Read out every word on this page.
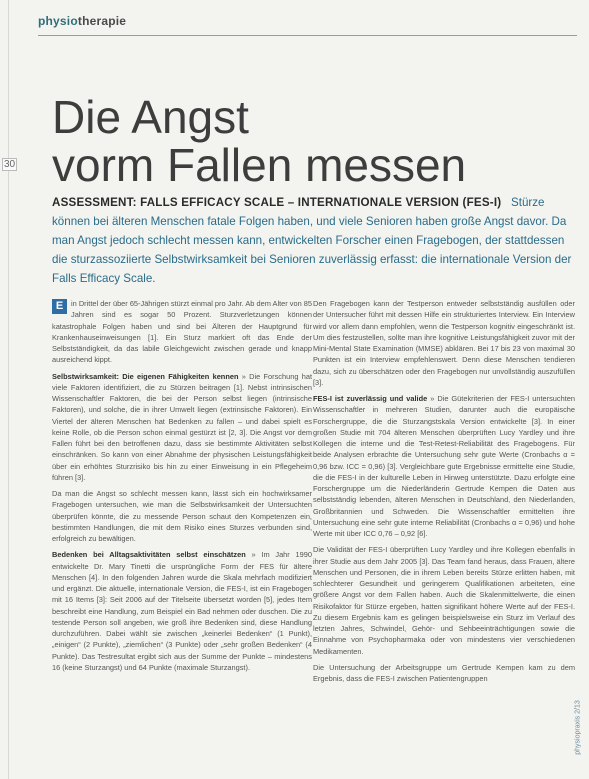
physiotherapie
30
Die Angst
vorm Fallen messen
ASSESSMENT: FALLS EFFICACY SCALE – INTERNATIONALE VERSION (FES-I) Stürze können bei älteren Menschen fatale Folgen haben, und viele Senioren haben große Angst davor. Da man Angst jedoch schlecht messen kann, entwickelten Forscher einen Fragebogen, der stattdessen die sturzassoziierte Selbstwirksamkeit bei Senioren zuverlässig erfasst: die internationale Version der Falls Efficacy Scale.

E	in Drittel der über 65-Jährigen stürzt einmal pro Jahr. Ab dem Alter von 85 Jahren sind es sogar 50 Prozent. Sturzverletzungen können katastrophale Folgen haben und sind bei Älteren der Hauptgrund für Krankenhauseinweisungen [1]. Ein Sturz markiert oft das Ende der Selbstständigkeit, da das labile Gleichgewicht zwischen gerade und knapp ausreichend kippt.

Selbstwirksamkeit: Die eigenen Fähigkeiten kennen » Die Forschung hat viele Faktoren identifiziert, die zu Stürzen beitragen [1]. Nebst intrinsischen Wissenschaftler Faktoren, die bei der Person selbst liegen (intrinsische Faktoren), und solche, die in ihrer Umwelt liegen (extrinsische Faktoren). Ein Viertel der älteren Menschen hat Bedenken zu fallen – und dabei spielt es keine Rolle, ob die Person schon einmal gestürzt ist [2, 3]. Die Angst vor dem Fallen führt bei den betroffenen dazu, dass sie bestimmte Aktivitäten selbst einschränken. So kann von einer Abnahme der physischen Leistungsfähigkeit über ein erhöhtes Sturzrisiko bis hin zu einer Einweisung in ein Pflegeheim führen [3].

Da man die Angst so schlecht messen kann, lässt sich ein hochwirksamer Fragebogen untersuchen, wie man die Selbstwirksamkeit der Untersuchten überprüfen könnte, die zu messende Person schaut den Kompetenzen ein, bestimmten Handlungen, die mit dem Risiko eines Sturzes verbunden sind, erfolgreich zu bewältigen.

Bedenken bei Alltagsaktivitäten selbst einschätzen » Im Jahr 1990 entwickelte Dr. Mary Tinetti die ursprüngliche Form der FES für ältere Menschen [4]. In den folgenden Jahren wurde die Skala mehrfach modifiziert und ergänzt. Die aktuelle, internationale Version, die FES-I, ist ein Fragebogen mit 16 Items [3]: Seit 2006 auf der Titelseite übersetzt worden [5], jedes Item beschreibt eine Handlung, zum Beispiel ein Bad nehmen oder duschen. Die zu testende Person soll angeben, wie groß ihre Bedenken sind, diese Handlung durchzuführen. Dabei wählt sie zwischen „keinerlei Bedenken“ (1 Punkt), „einigen“ (2 Punkte), „ziemlichen“ (3 Punkte) oder „sehr großen Bedenken“ (4 Punkte). Das Testresultat ergibt sich aus der Summe der Punkte – mindestens 16 (keine Sturzangst) und 64 Punkte (maximale Sturzangst).

Den Fragebogen kann der Testperson entweder selbstständig ausfüllen oder der Untersucher führt mit dessen Hilfe ein strukturiertes Interview. Ein Interview wird vor allem dann empfohlen, wenn die Testperson kognitiv eingeschränkt ist. Um dies festzustellen, sollte man ihre kognitive Leistungsfähigkeit zuvor mit der Mini-Mental State Examination (MMSE) abklären. Bei 17 bis 23 von maximal 30 Punkten ist ein Interview empfehlenswert. Denn diese Menschen tendieren dazu, sich zu überschätzen oder den Fragebogen nur unvollständig auszufüllen [3].

FES-I ist zuverlässig und valide » Die Gütekriterien der FES-I untersuchten Wissenschaftler in mehreren Studien, darunter auch die europäische Forschergruppe, die die Sturzangstskala Version entwickelte [3]. In einer großen Studie mit 704 älteren Menschen überprüften Lucy Yardley und ihre Kollegen die interne und die Test-Retest-Reliabilität des Fragebogens. Für beide Analysen erbrachte die Untersuchung sehr gute Werte (Cronbachs α = 0,96 bzw. ICC = 0,96) [3]. Vergleichbare gute Ergebnisse ermittelte eine Studie, die die FES-I in der kulturelle Leben in Hinweg unterstützte. Dazu erfolgte eine Forschergruppe um die Niederländerin Gertrude Kempen die Daten aus selbstständig lebenden, älteren Menschen in Deutschland, den Niederlanden, Großbritannien und Schweden. Die Wissenschaftler ermittelten ihre Untersuchung eine sehr gute interne Reliabilität (Cronbachs α = 0,96) und hohe Werte mit über ICC 0,76 – 0,92 [6].

Die Validität der FES-I überprüften Lucy Yardley und ihre Kollegen ebenfalls in ihrer Studie aus dem Jahr 2005 [3]. Das Team fand heraus, dass Frauen, ältere Menschen und Personen, die in ihrem Leben bereits Stürze erlitten haben, mit schlechterer Gesundheit und geringerem Qualifikationen arbeiteten, eine größere Angst vor dem Fallen haben. Auch die Skalenmittelwerte, die einen Risikofaktor für Stürze ergeben, hatten signifikant höhere Werte auf der FES-I. Zu diesem Ergebnis kam es gelingen beispielsweise ein Sturz im Verlauf des letzten Jahres, Schwindel, Gehör- und Sehbeeinträchtigungen sowie die Einnahme von Psychopharmaka oder von mindestens vier verschiedenen Medikamenten.

Die Untersuchung der Arbeitsgruppe um Gertrude Kempen kam zu dem Ergebnis, dass die FES-I zwischen Patientengruppen

physiopraxis 2/13
